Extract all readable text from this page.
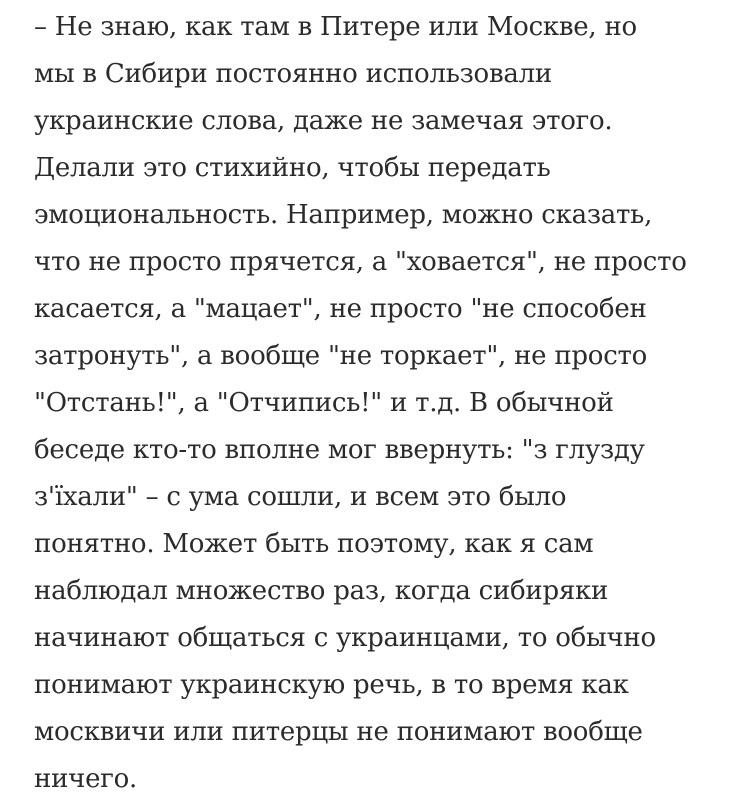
– Не знаю, как там в Питере или Москве, но
мы в Сибири постоянно использовали
украинские слова, даже не замечая этого.
Делали это стихийно, чтобы передать
эмоциональность. Например, можно сказать,
что не просто прячется, а "хoвается", не просто
касается, а "мацает", не просто "не способен
затронуть", а вообще "не торкает", не просто
"Отстань!", а "Отчипись!" и т.д. В обычной
беседе кто-то вполне мог ввернуть: "з глузду
з'їхали" – с ума сошли, и всем это было
понятно. Может быть поэтому, как я сам
наблюдал множество раз, когда сибиряки
начинают общаться с украинцами, то обычно
понимают украинскую речь, в то время как
москвичи или питерцы не понимают вообще
ничего.
